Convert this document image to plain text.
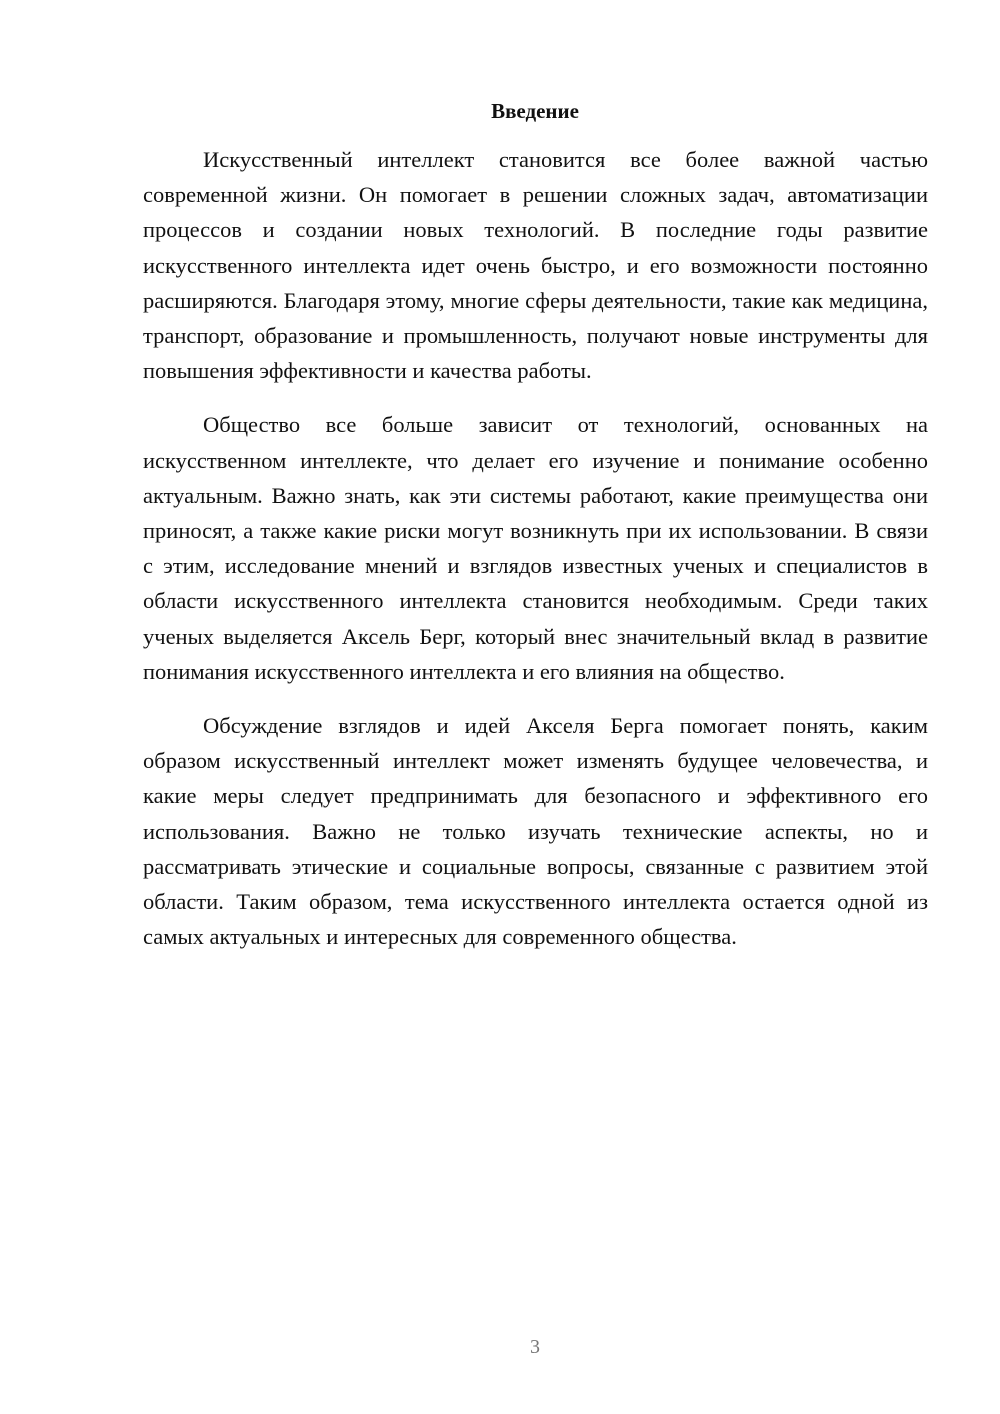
Введение

Искусственный интеллект становится все более важной частью современной жизни. Он помогает в решении сложных задач, автоматизации процессов и создании новых технологий. В последние годы развитие искусственного интеллекта идет очень быстро, и его возможности постоянно расширяются. Благодаря этому, многие сферы деятельности, такие как медицина, транспорт, образование и промышленность, получают новые инструменты для повышения эффективности и качества работы.

Общество все больше зависит от технологий, основанных на искусственном интеллекте, что делает его изучение и понимание особенно актуальным. Важно знать, как эти системы работают, какие преимущества они приносят, а также какие риски могут возникнуть при их использовании. В связи с этим, исследование мнений и взглядов известных ученых и специалистов в области искусственного интеллекта становится необходимым. Среди таких ученых выделяется Аксель Берг, который внес значительный вклад в развитие понимания искусственного интеллекта и его влияния на общество.

Обсуждение взглядов и идей Акселя Берга помогает понять, каким образом искусственный интеллект может изменять будущее человечества, и какие меры следует предпринимать для безопасного и эффективного его использования. Важно не только изучать технические аспекты, но и рассматривать этические и социальные вопросы, связанные с развитием этой области. Таким образом, тема искусственного интеллекта остается одной из самых актуальных и интересных для современного общества.

3
